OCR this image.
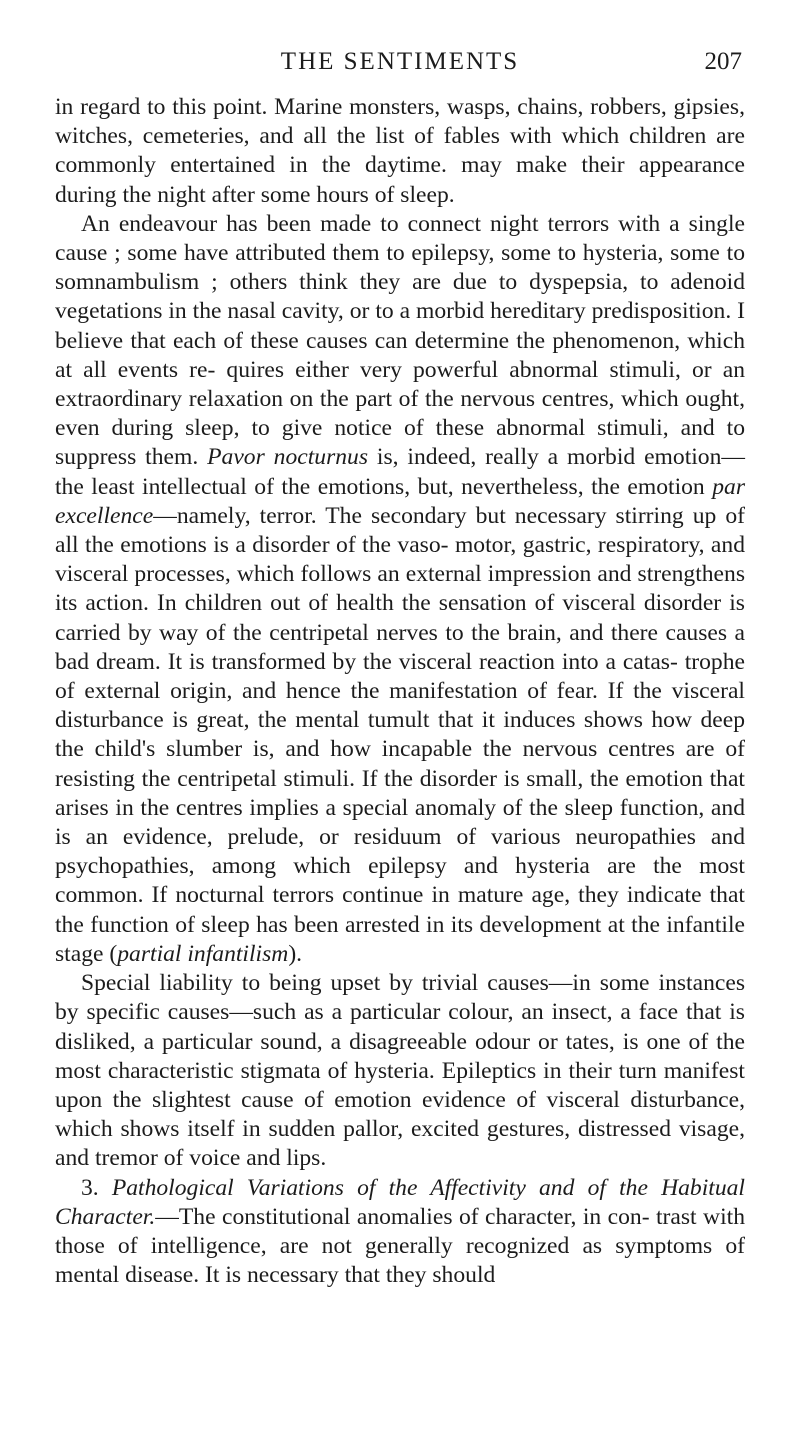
THE SENTIMENTS	207

in regard to this point. Marine monsters, wasps, chains, robbers, gipsies, witches, cemeteries, and all the list of fables with which children are commonly entertained in the daytime. may make their appearance during the night after some hours of sleep.

An endeavour has been made to connect night terrors with a single cause ; some have attributed them to epilepsy, some to hysteria, some to somnambulism ; others think they are due to dyspepsia, to adenoid vegetations in the nasal cavity, or to a morbid hereditary predisposition. I believe that each of these causes can determine the phenomenon, which at all events re- quires either very powerful abnormal stimuli, or an extraordinary relaxation on the part of the nervous centres, which ought, even during sleep, to give notice of these abnormal stimuli, and to suppress them. Pavor nocturnus is, indeed, really a morbid emotion—the least intellectual of the emotions, but, nevertheless, the emotion par excellence—namely, terror. The secondary but necessary stirring up of all the emotions is a disorder of the vaso- motor, gastric, respiratory, and visceral processes, which follows an external impression and strengthens its action. In children out of health the sensation of visceral disorder is carried by way of the centripetal nerves to the brain, and there causes a bad dream. It is transformed by the visceral reaction into a catas- trophe of external origin, and hence the manifestation of fear. If the visceral disturbance is great, the mental tumult that it induces shows how deep the child's slumber is, and how incapable the nervous centres are of resisting the centripetal stimuli. If the disorder is small, the emotion that arises in the centres implies a special anomaly of the sleep function, and is an evidence, prelude, or residuum of various neuropathies and psychopathies, among which epilepsy and hysteria are the most common. If nocturnal terrors continue in mature age, they indicate that the function of sleep has been arrested in its development at the infantile stage (partial infantilism).

Special liability to being upset by trivial causes—in some instances by specific causes—such as a particular colour, an insect, a face that is disliked, a particular sound, a disagreeable odour or tates, is one of the most characteristic stigmata of hysteria. Epileptics in their turn manifest upon the slightest cause of emotion evidence of visceral disturbance, which shows itself in sudden pallor, excited gestures, distressed visage, and tremor of voice and lips.

3. Pathological Variations of the Affectivity and of the Habitual Character.—The constitutional anomalies of character, in con- trast with those of intelligence, are not generally recognized as symptoms of mental disease. It is necessary that they should
